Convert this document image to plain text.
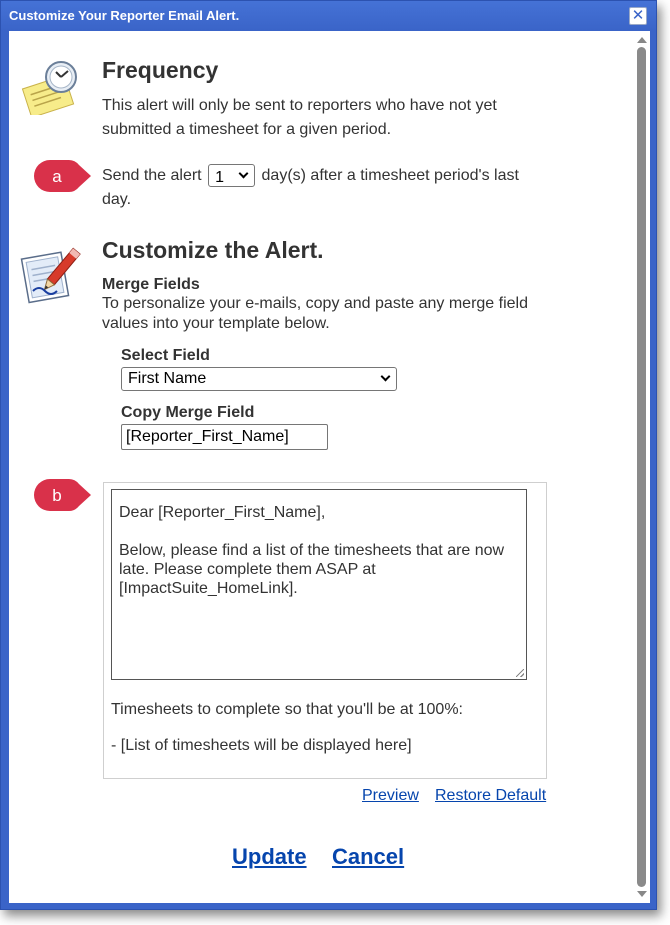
Customize Your Reporter Email Alert.	✕
Frequency
This alert will only be sent to reporters who have not yet submitted a timesheet for a given period.
a	Send the alert 1 day(s) after a timesheet period's last day.
Customize the Alert.
Merge Fields
To personalize your e-mails, copy and paste any merge field values into your template below.
Select Field
First Name
Copy Merge Field
[Reporter_First_Name]
b

Dear [Reporter_First_Name],

Below, please find a list of the timesheets that are now late. Please complete them ASAP at [ImpactSuite_HomeLink].

Timesheets to complete so that you'll be at 100%:
- [List of timesheets will be displayed here]
Preview Restore Default
Update Cancel
